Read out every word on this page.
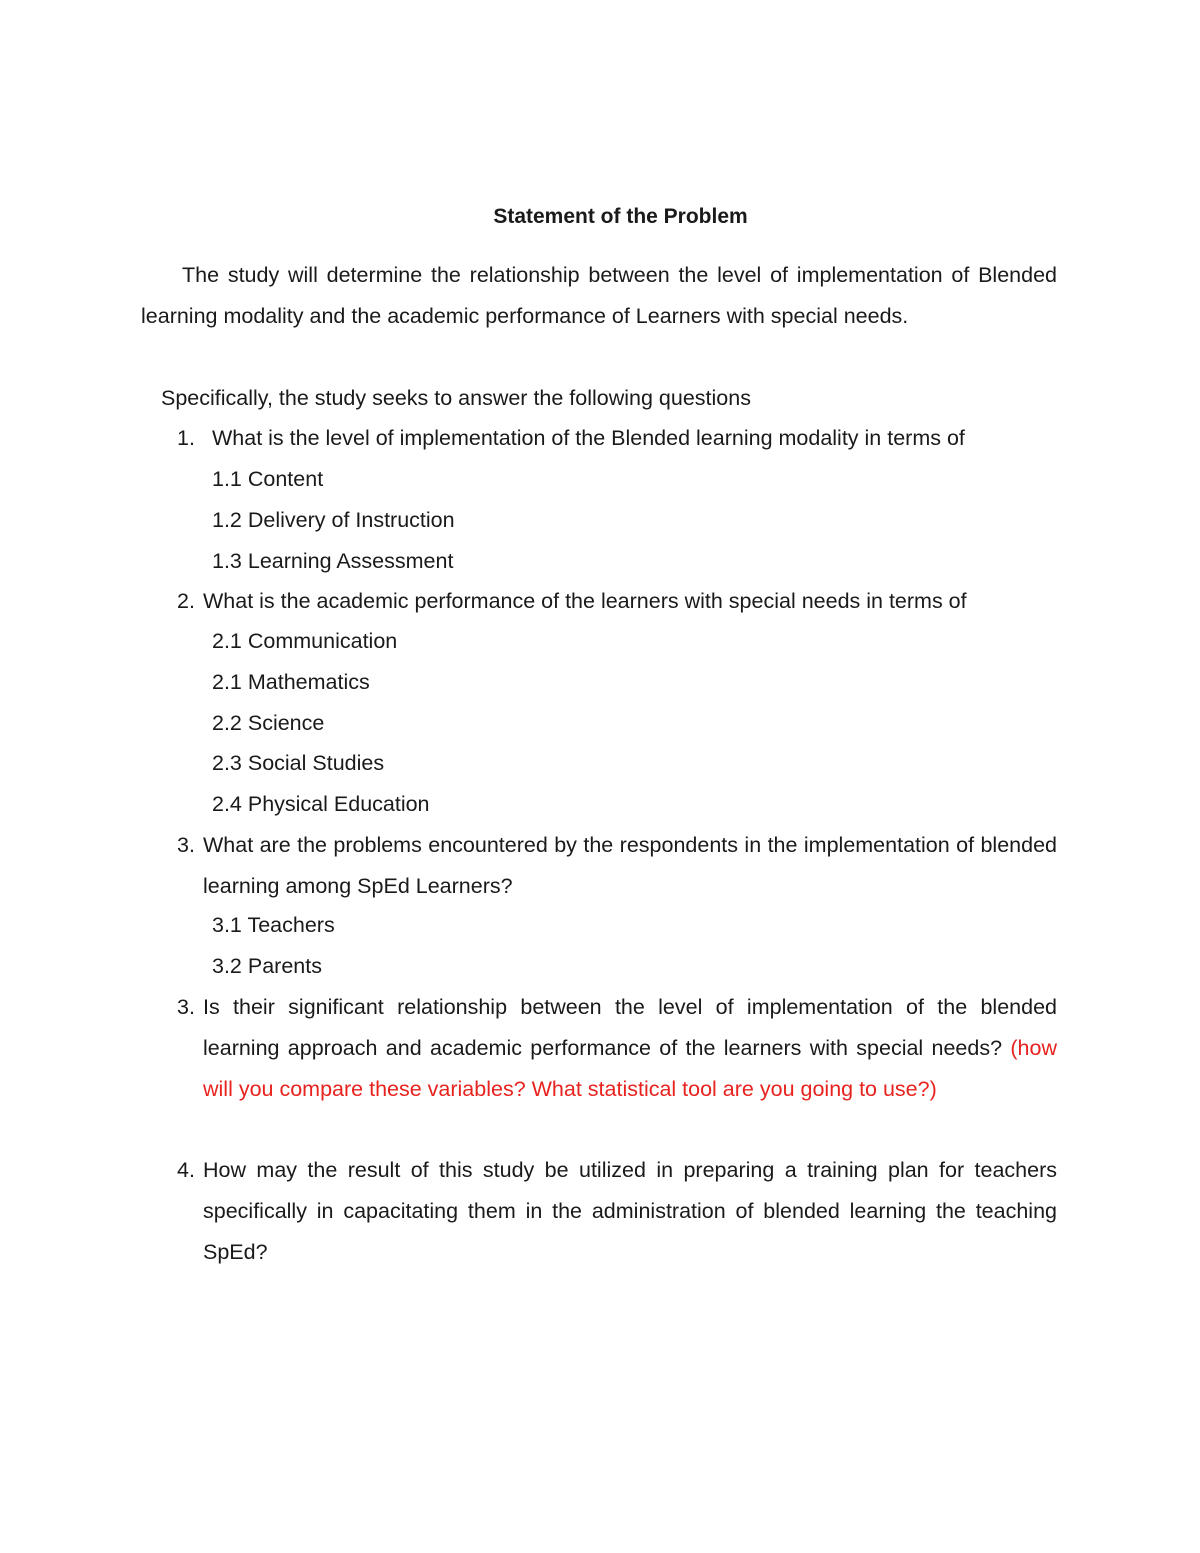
Statement of the Problem

The study will determine the relationship between the level of implementation of Blended learning modality and the academic performance of Learners with special needs.

Specifically, the study seeks to answer the following questions

1. What is the level of implementation of the Blended learning modality in terms of

1.1 Content

1.2 Delivery of Instruction

1.3 Learning Assessment

2. What is the academic performance of the learners with special needs in terms of

2.1 Communication

2.1 Mathematics

2.2 Science

2.3 Social Studies

2.4 Physical Education

3. What are the problems encountered by the respondents in the implementation of blended learning among SpEd Learners?

3.1 Teachers

3.2 Parents

3. Is their significant relationship between the level of implementation of the blended learning approach and academic performance of the learners with special needs? (how will you compare these variables? What statistical tool are you going to use?)

4. How may the result of this study be utilized in preparing a training plan for teachers specifically in capacitating them in the administration of blended learning the teaching SpEd?
